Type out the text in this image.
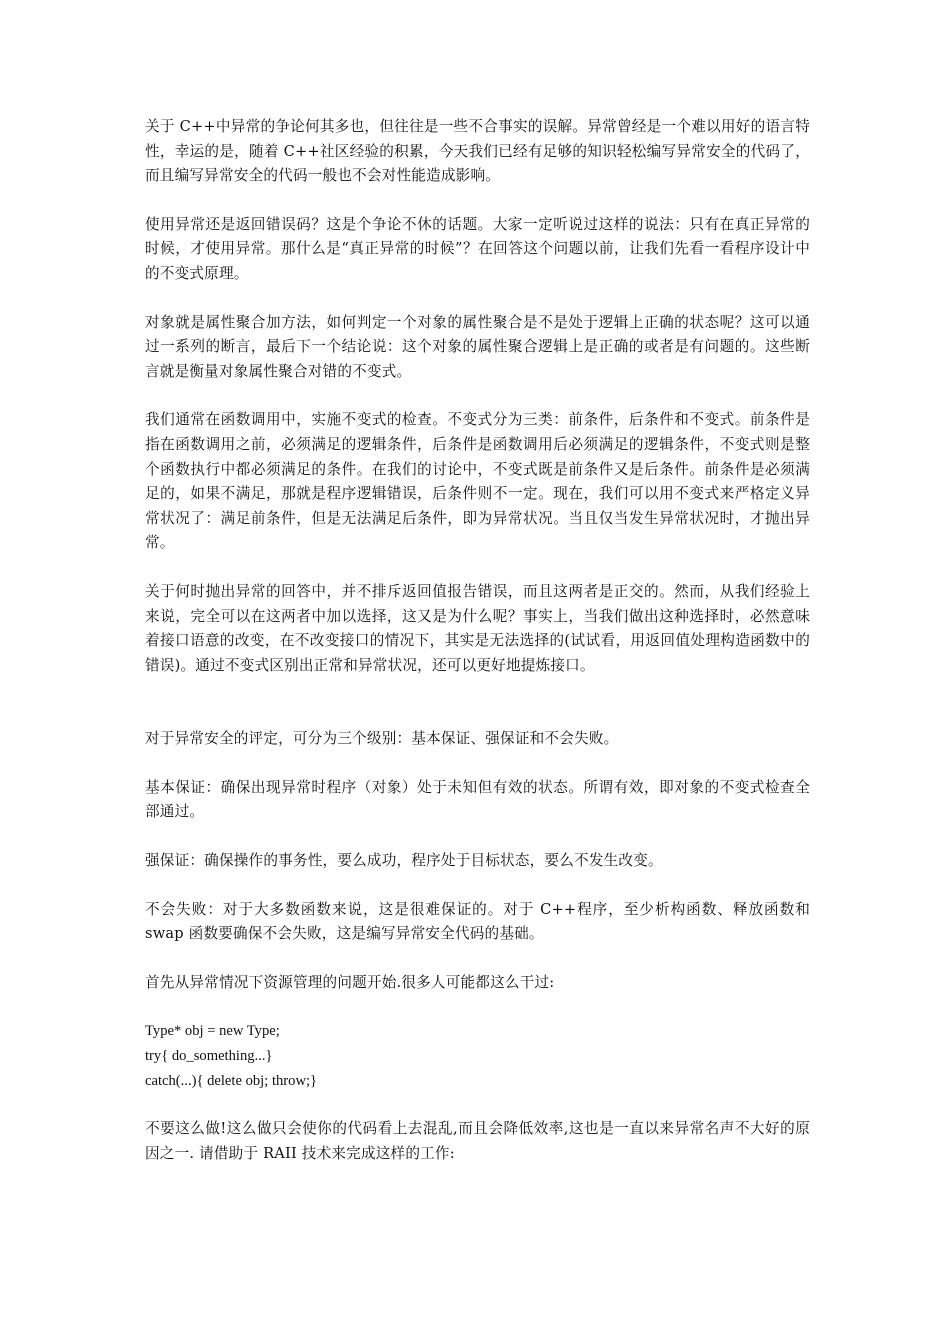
关于 C++中异常的争论何其多也，但往往是一些不合事实的误解。异常曾经是一个难以用好的语言特性，幸运的是，随着 C++社区经验的积累，今天我们已经有足够的知识轻松编写异常安全的代码了，而且编写异常安全的代码一般也不会对性能造成影响。

使用异常还是返回错误码？这是个争论不休的话题。大家一定听说过这样的说法：只有在真正异常的时候，才使用异常。那什么是“真正异常的时候”？在回答这个问题以前，让我们先看一看程序设计中的不变式原理。

对象就是属性聚合加方法，如何判定一个对象的属性聚合是不是处于逻辑上正确的状态呢？这可以通过一系列的断言，最后下一个结论说：这个对象的属性聚合逻辑上是正确的或者是有问题的。这些断言就是衡量对象属性聚合对错的不变式。

我们通常在函数调用中，实施不变式的检查。不变式分为三类：前条件，后条件和不变式。前条件是指在函数调用之前，必须满足的逻辑条件，后条件是函数调用后必须满足的逻辑条件，不变式则是整个函数执行中都必须满足的条件。在我们的讨论中，不变式既是前条件又是后条件。前条件是必须满足的，如果不满足，那就是程序逻辑错误，后条件则不一定。现在，我们可以用不变式来严格定义异常状况了：满足前条件，但是无法满足后条件，即为异常状况。当且仅当发生异常状况时，才抛出异常。

关于何时抛出异常的回答中，并不排斥返回值报告错误，而且这两者是正交的。然而，从我们经验上来说，完全可以在这两者中加以选择，这又是为什么呢？事实上，当我们做出这种选择时，必然意味着接口语意的改变，在不改变接口的情况下，其实是无法选择的(试试看，用返回值处理构造函数中的错误)。通过不变式区别出正常和异常状况，还可以更好地提炼接口。

对于异常安全的评定，可分为三个级别：基本保证、强保证和不会失败。

基本保证：确保出现异常时程序（对象）处于未知但有效的状态。所谓有效，即对象的不变式检查全部通过。

强保证：确保操作的事务性，要么成功，程序处于目标状态，要么不发生改变。

不会失败：对于大多数函数来说，这是很难保证的。对于 C++程序，至少析构函数、释放函数和 swap 函数要确保不会失败，这是编写异常安全代码的基础。

首先从异常情况下资源管理的问题开始.很多人可能都这么干过:

Type* obj = new Type;
try{ do_something...}
catch(...){ delete obj; throw;}

不要这么做!这么做只会使你的代码看上去混乱,而且会降低效率,这也是一直以来异常名声不大好的原因之一. 请借助于 RAII 技术来完成这样的工作:
